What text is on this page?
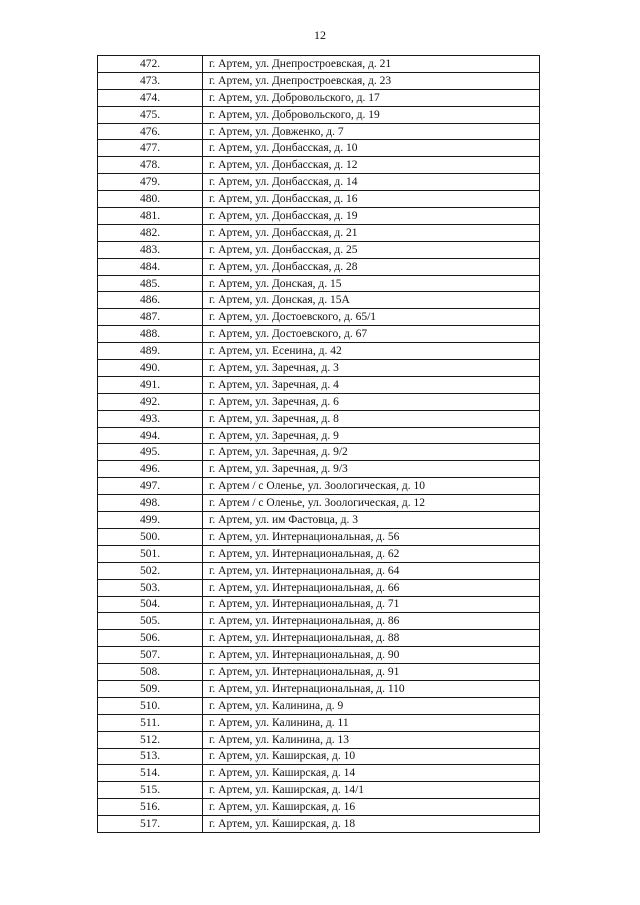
12
472.	г. Артем, ул. Днепростроевская, д. 21
473.	г. Артем, ул. Днепростроевская, д. 23
474.	г. Артем, ул. Добровольского, д. 17
475.	г. Артем, ул. Добровольского, д. 19
476.	г. Артем, ул. Довженко, д. 7
477.	г. Артем, ул. Донбасская, д. 10
478.	г. Артем, ул. Донбасская, д. 12
479.	г. Артем, ул. Донбасская, д. 14
480.	г. Артем, ул. Донбасская, д. 16
481.	г. Артем, ул. Донбасская, д. 19
482.	г. Артем, ул. Донбасская, д. 21
483.	г. Артем, ул. Донбасская, д. 25
484.	г. Артем, ул. Донбасская, д. 28
485.	г. Артем, ул. Донская, д. 15
486.	г. Артем, ул. Донская, д. 15А
487.	г. Артем, ул. Достоевского, д. 65/1
488.	г. Артем, ул. Достоевского, д. 67
489.	г. Артем, ул. Есенина, д. 42
490.	г. Артем, ул. Заречная, д. 3
491.	г. Артем, ул. Заречная, д. 4
492.	г. Артем, ул. Заречная, д. 6
493.	г. Артем, ул. Заречная, д. 8
494.	г. Артем, ул. Заречная, д. 9
495.	г. Артем, ул. Заречная, д. 9/2
496.	г. Артем, ул. Заречная, д. 9/3
497.	г. Артем / с Оленье, ул. Зоологическая, д. 10
498.	г. Артем / с Оленье, ул. Зоологическая, д. 12
499.	г. Артем, ул. им Фастовца, д. 3
500.	г. Артем, ул. Интернациональная, д. 56
501.	г. Артем, ул. Интернациональная, д. 62
502.	г. Артем, ул. Интернациональная, д. 64
503.	г. Артем, ул. Интернациональная, д. 66
504.	г. Артем, ул. Интернациональная, д. 71
505.	г. Артем, ул. Интернациональная, д. 86
506.	г. Артем, ул. Интернациональная, д. 88
507.	г. Артем, ул. Интернациональная, д. 90
508.	г. Артем, ул. Интернациональная, д. 91
509.	г. Артем, ул. Интернациональная, д. 110
510.	г. Артем, ул. Калинина, д. 9
511.	г. Артем, ул. Калинина, д. 11
512.	г. Артем, ул. Калинина, д. 13
513.	г. Артем, ул. Каширская, д. 10
514.	г. Артем, ул. Каширская, д. 14
515.	г. Артем, ул. Каширская, д. 14/1
516.	г. Артем, ул. Каширская, д. 16
517.	г. Артем, ул. Каширская, д. 18
